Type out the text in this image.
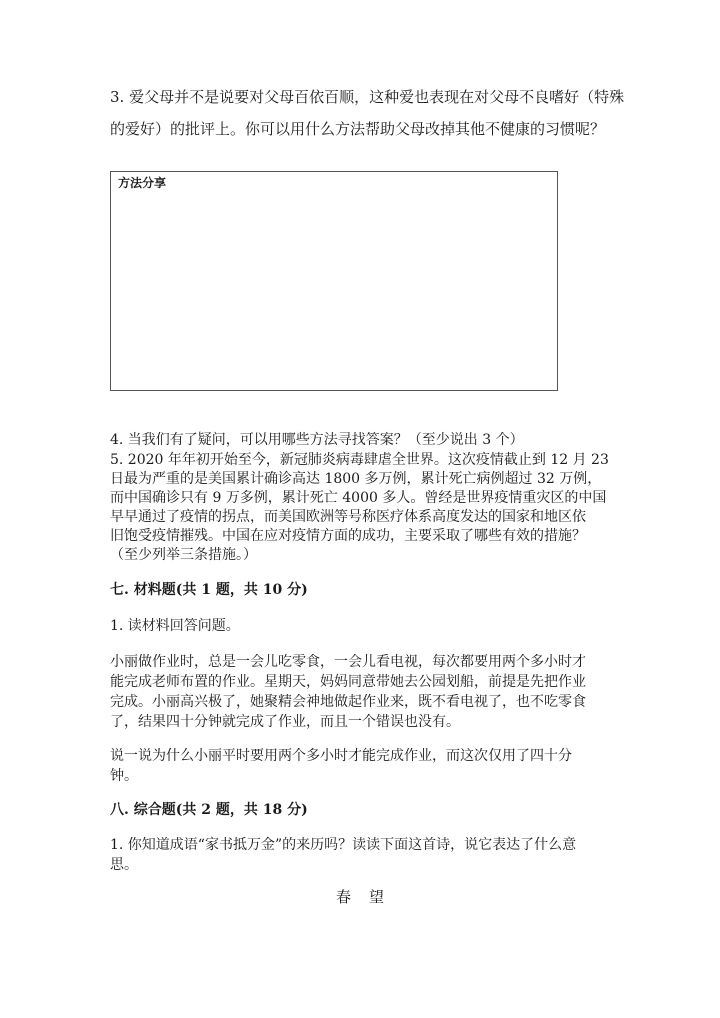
3. 爱父母并不是说要对父母百依百顺，这种爱也表现在对父母不良嗜好（特殊
的爱好）的批评上。你可以用什么方法帮助父母改掉其他不健康的习惯呢？
方法分享
4. 当我们有了疑问，可以用哪些方法寻找答案？（至少说出 3 个）
5. 2020 年年初开始至今，新冠肺炎病毒肆虐全世界。这次疫情截止到 12 月 23
日最为严重的是美国累计确诊高达 1800 多万例，累计死亡病例超过 32 万例，
而中国确诊只有 9 万多例，累计死亡 4000 多人。曾经是世界疫情重灾区的中国
早早通过了疫情的拐点，而美国欧洲等号称医疗体系高度发达的国家和地区依
旧饱受疫情摧残。中国在应对疫情方面的成功，主要采取了哪些有效的措施？
（至少列举三条措施。）
七. 材料题(共 1 题，共 10 分)
1. 读材料回答问题。
小丽做作业时，总是一会儿吃零食，一会儿看电视，每次都要用两个多小时才
能完成老师布置的作业。星期天，妈妈同意带她去公园划船，前提是先把作业
完成。小丽高兴极了，她聚精会神地做起作业来，既不看电视了，也不吃零食
了，结果四十分钟就完成了作业，而且一个错误也没有。
说一说为什么小丽平时要用两个多小时才能完成作业，而这次仅用了四十分
钟。
八. 综合题(共 2 题，共 18 分)
1. 你知道成语“家书抵万金”的来历吗？读读下面这首诗，说它表达了什么意
思。
春望
